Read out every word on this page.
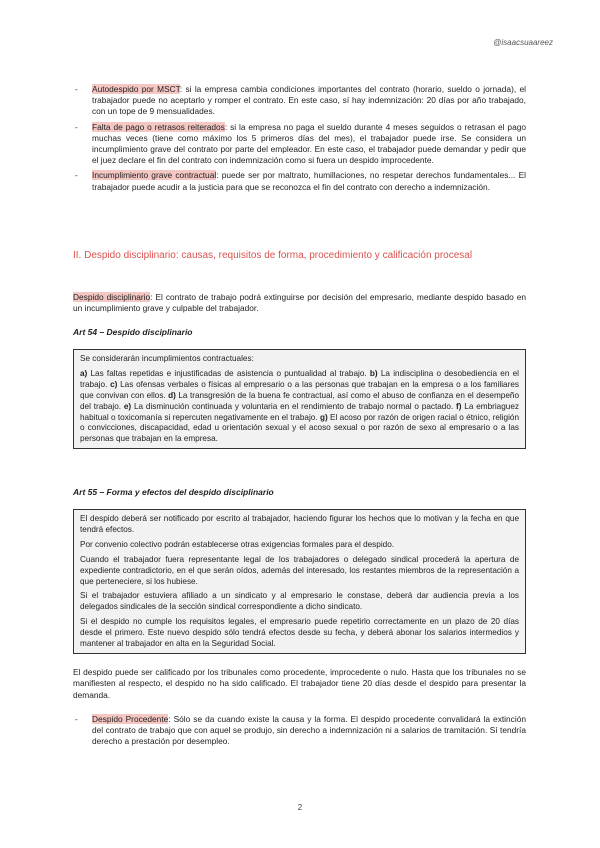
@isaacsuaareez
- Autodespido por MSCT: si la empresa cambia condiciones importantes del contrato (horario, sueldo o jornada), el trabajador puede no aceptarlo y romper el contrato. En este caso, sí hay indemnización: 20 días por año trabajado, con un tope de 9 mensualidades.
- Falta de pago o retrasos reiterados: si la empresa no paga el sueldo durante 4 meses seguidos o retrasan el pago muchas veces (tiene como máximo los 5 primeros días del mes), el trabajador puede irse. Se considera un incumplimiento grave del contrato por parte del empleador. En este caso, el trabajador puede demandar y pedir que el juez declare el fin del contrato con indemnización como si fuera un despido improcedente.
- Incumplimiento grave contractual: puede ser por maltrato, humillaciones, no respetar derechos fundamentales... El trabajador puede acudir a la justicia para que se reconozca el fin del contrato con derecho a indemnización.
II. Despido disciplinario: causas, requisitos de forma, procedimiento y calificación procesal
Despido disciplinario: El contrato de trabajo podrá extinguirse por decisión del empresario, mediante despido basado en un incumplimiento grave y culpable del trabajador.
Art 54 – Despido disciplinario

Se considerarán incumplimientos contractuales:

a) Las faltas repetidas e injustificadas de asistencia o puntualidad al trabajo. b) La indisciplina o desobediencia en el trabajo. c) Las ofensas verbales o físicas al empresario o a las personas que trabajan en la empresa o a los familiares que convivan con ellos. d) La transgresión de la buena fe contractual, así como el abuso de confianza en el desempeño del trabajo. e) La disminución continuada y voluntaria en el rendimiento de trabajo normal o pactado. f) La embriaguez habitual o toxicomanía si repercuten negativamente en el trabajo. g) El acoso por razón de origen racial o étnico, religión o convicciones, discapacidad, edad u orientación sexual y el acoso sexual o por razón de sexo al empresario o a las personas que trabajan en la empresa.

Art 55 – Forma y efectos del despido disciplinario

El despido deberá ser notificado por escrito al trabajador, haciendo figurar los hechos que lo motivan y la fecha en que tendrá efectos.

Por convenio colectivo podrán establecerse otras exigencias formales para el despido.

Cuando el trabajador fuera representante legal de los trabajadores o delegado sindical procederá la apertura de expediente contradictorio, en el que serán oídos, además del interesado, los restantes miembros de la representación a que perteneciere, si los hubiese.

Si el trabajador estuviera afiliado a un sindicato y al empresario le constase, deberá dar audiencia previa a los delegados sindicales de la sección sindical correspondiente a dicho sindicato.

Si el despido no cumple los requisitos legales, el empresario puede repetirlo correctamente en un plazo de 20 días desde el primero. Este nuevo despido sólo tendrá efectos desde su fecha, y deberá abonar los salarios intermedios y mantener al trabajador en alta en la Seguridad Social.

El despido puede ser calificado por los tribunales como procedente, improcedente o nulo. Hasta que los tribunales no se manifiesten al respecto, el despido no ha sido calificado. El trabajador tiene 20 días desde el despido para presentar la demanda.
- Despido Procedente: Sólo se da cuando existe la causa y la forma. El despido procedente convalidará la extinción del contrato de trabajo que con aquel se produjo, sin derecho a indemnización ni a salarios de tramitación. Sí tendría derecho a prestación por desempleo.
2
